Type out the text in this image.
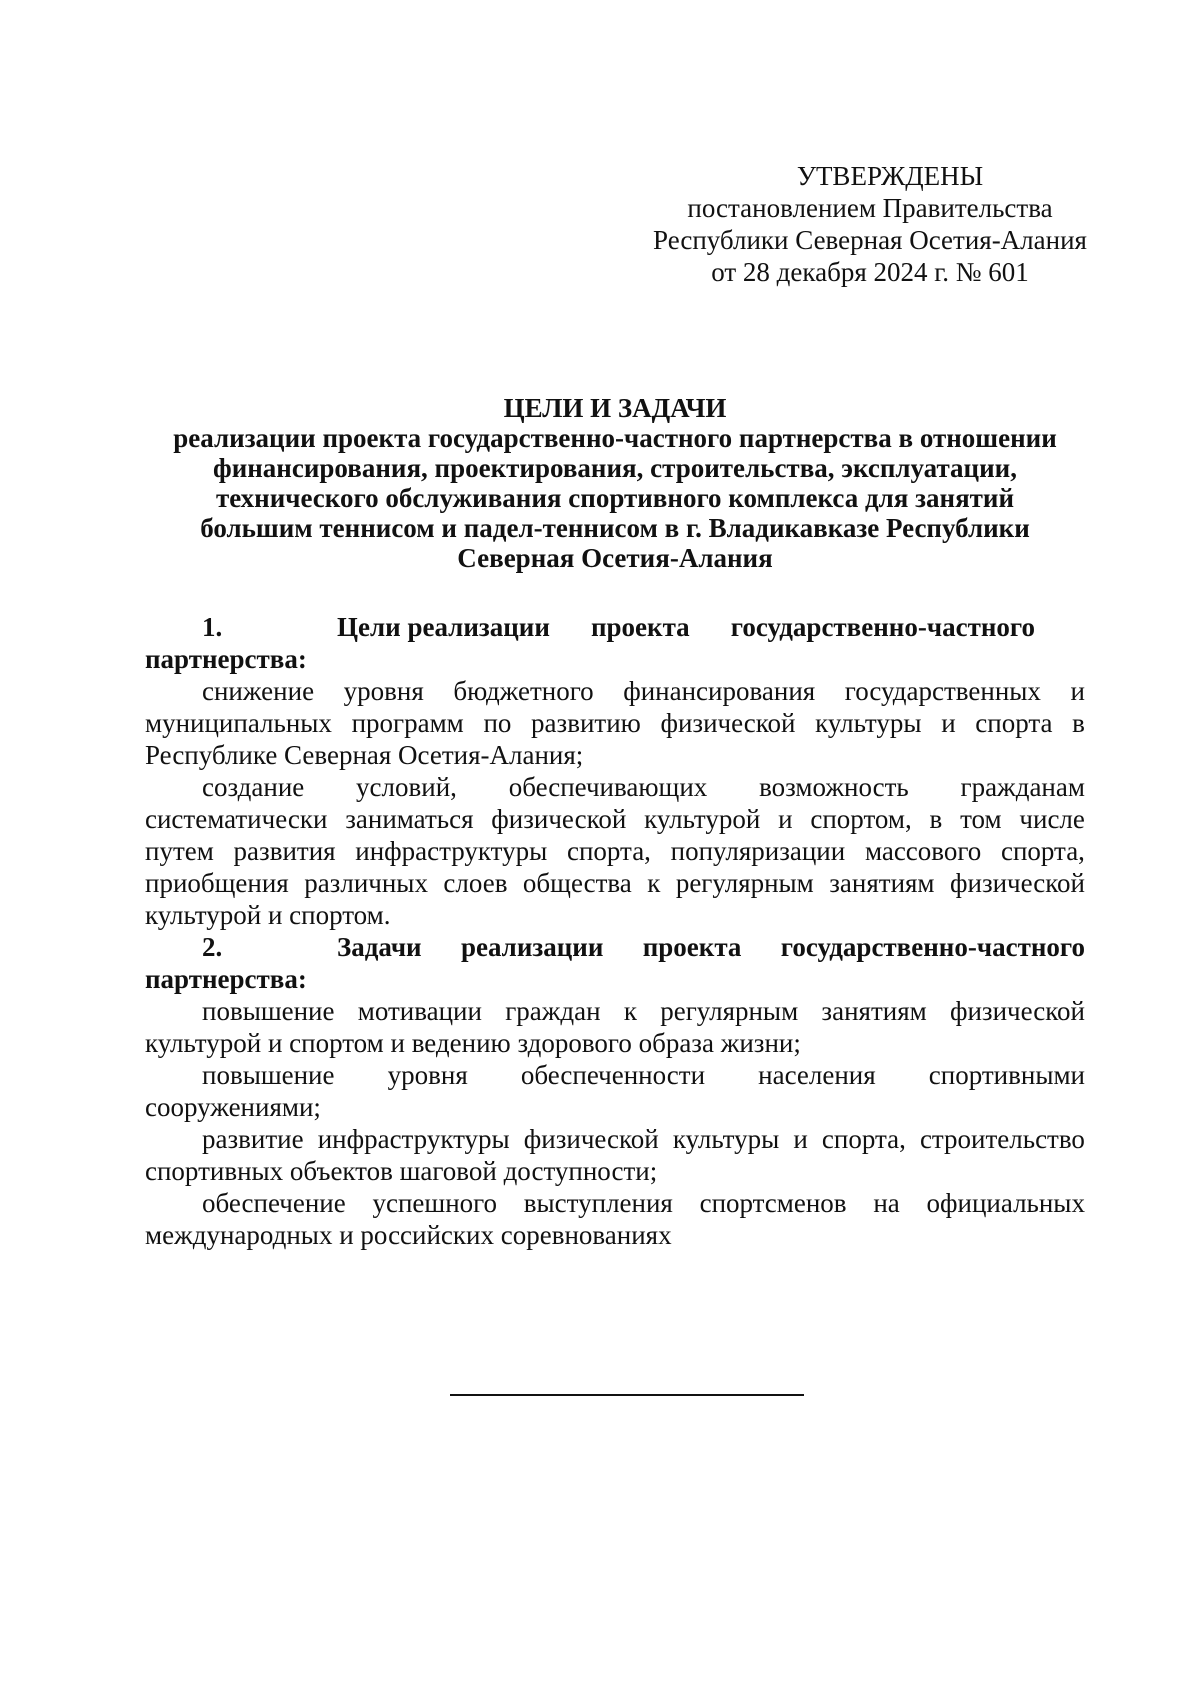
УТВЕРЖДЕНЫ
постановлением Правительства
Республики Северная Осетия-Алания
от 28 декабря 2024 г. № 601
ЦЕЛИ И ЗАДАЧИ
реализации проекта государственно-частного партнерства в отношении
финансирования, проектирования, строительства, эксплуатации,
технического обслуживания спортивного комплекса для занятий
большим теннисом и падел-теннисом в г. Владикавказе Республики
Северная Осетия-Алания
1.	Цели реализации проекта государственно-частного
партнерства:
снижение уровня бюджетного финансирования государственных и
муниципальных программ по развитию физической культуры и спорта в
Республике Северная Осетия-Алания;
создание условий, обеспечивающих возможность гражданам
систематически заниматься физической культурой и спортом, в том числе
путем развития инфраструктуры спорта, популяризации массового спорта,
приобщения различных слоев общества к регулярным занятиям физической
культурой и спортом.
2.	Задачи реализации проекта государственно-частного
партнерства:
повышение мотивации граждан к регулярным занятиям физической
культурой и спортом и ведению здорового образа жизни;
повышение уровня обеспеченности населения спортивными
сооружениями;
развитие инфраструктуры физической культуры и спорта, строительство
спортивных объектов шаговой доступности;
обеспечение успешного выступления спортсменов на официальных
международных и российских соревнованиях
